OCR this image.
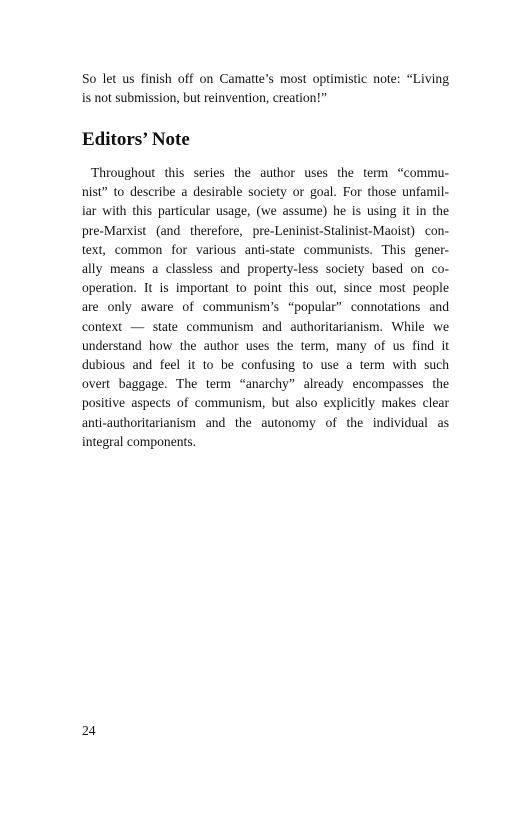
So let us finish off on Camatte’s most optimistic note: “Living
is not submission, but reinvention, creation!”
Editors’ Note
Throughout this series the author uses the term “commu-
nist” to describe a desirable society or goal. For those unfamil-
iar with this particular usage, (we assume) he is using it in the
pre-Marxist (and therefore, pre-Leninist-Stalinist-Maoist) con-
text, common for various anti-state communists. This gener-
ally means a classless and property-less society based on co-
operation. It is important to point this out, since most people
are only aware of communism’s “popular” connotations and
context — state communism and authoritarianism. While we
understand how the author uses the term, many of us find it
dubious and feel it to be confusing to use a term with such
overt baggage. The term “anarchy” already encompasses the
positive aspects of communism, but also explicitly makes clear
anti-authoritarianism and the autonomy of the individual as
integral components.
24
